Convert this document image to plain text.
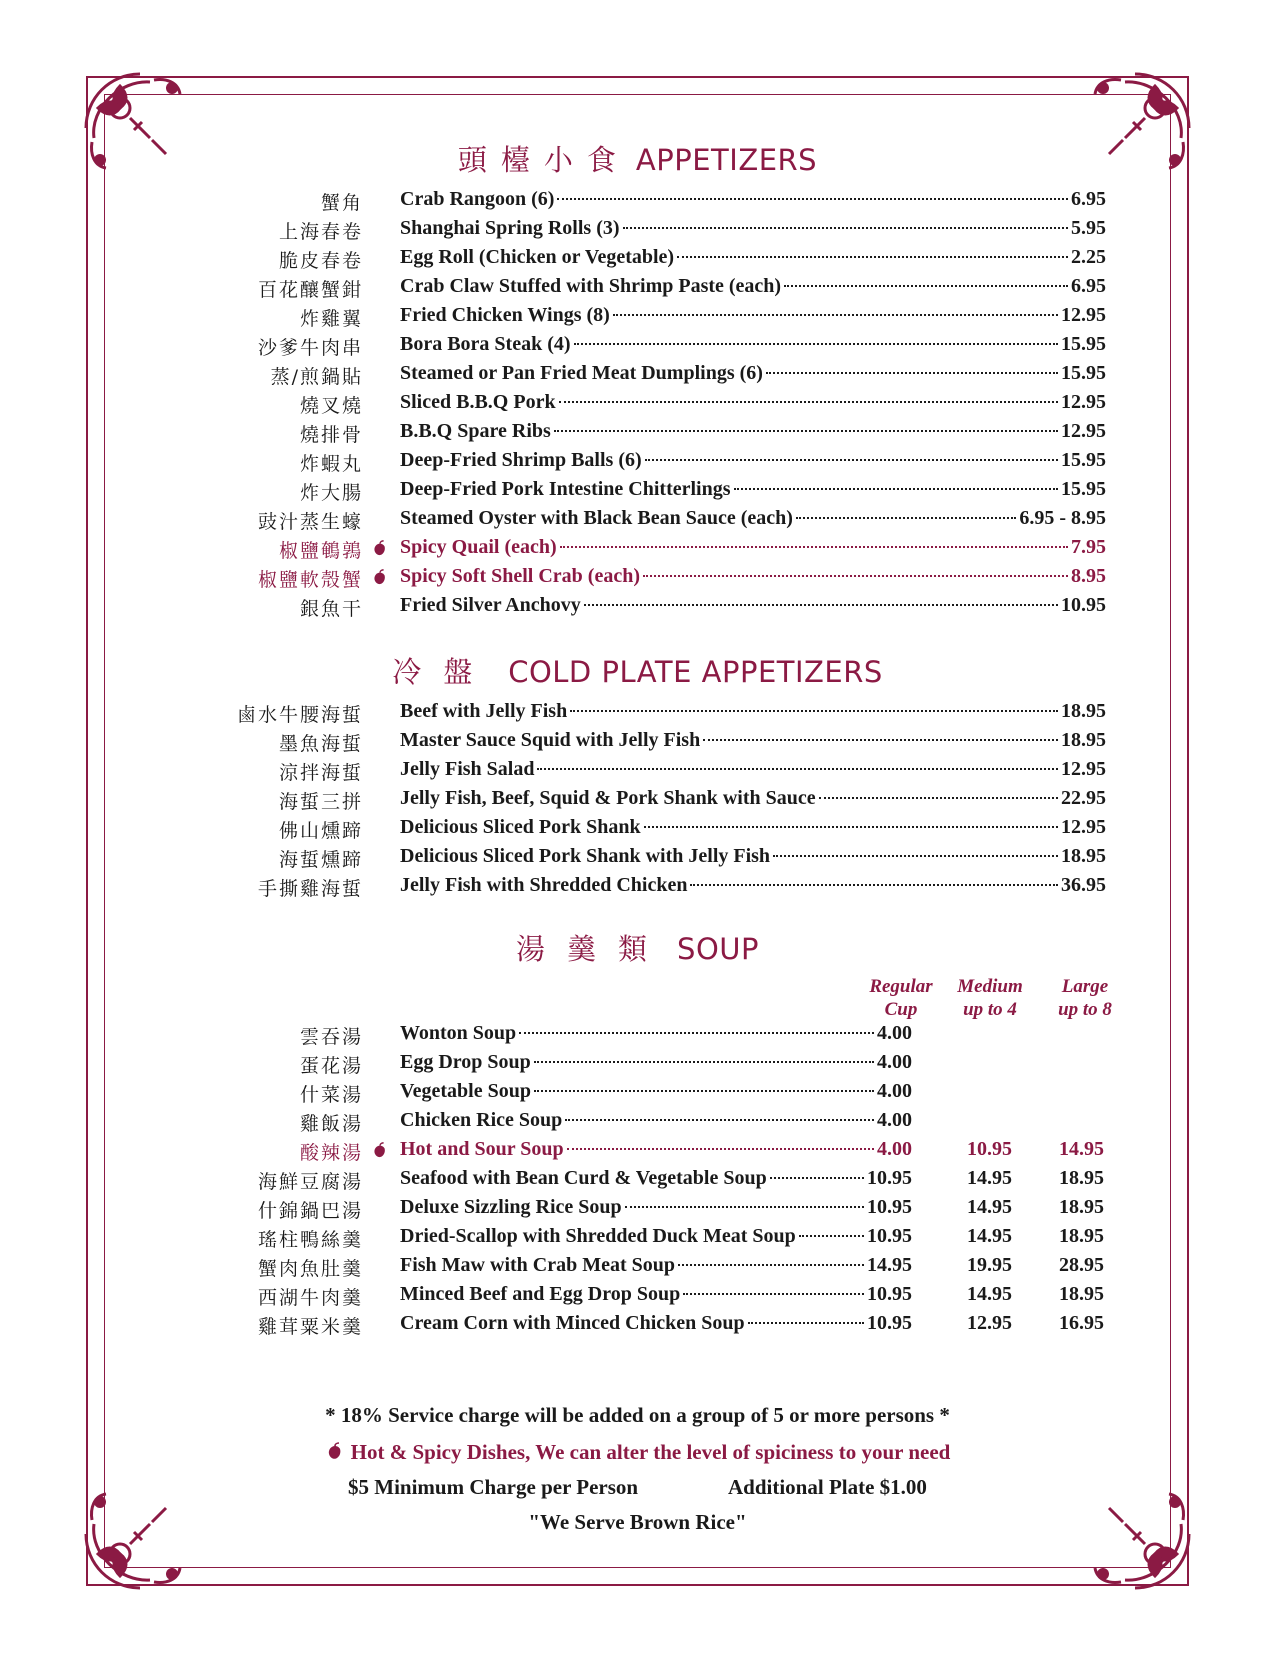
頭檯小食 APPETIZERS
蟹角 Crab Rangoon (6)	6.95
上海春卷 Shanghai Spring Rolls (3)	5.95
脆皮春卷 Egg Roll (Chicken or Vegetable)	2.25
百花釀蟹鉗 Crab Claw Stuffed with Shrimp Paste (each)	6.95
炸雞翼 Fried Chicken Wings (8)	12.95
沙爹牛肉串 Bora Bora Steak (4)	15.95
蒸/煎鍋貼 Steamed or Pan Fried Meat Dumplings (6)	15.95
燒叉燒 Sliced B.B.Q Pork	12.95
燒排骨 B.B.Q Spare Ribs	12.95
炸蝦丸 Deep-Fried Shrimp Balls (6)	15.95
炸大腸 Deep-Fried Pork Intestine Chitterlings	15.95
豉汁蒸生蠔 Steamed Oyster with Black Bean Sauce (each)	6.95 - 8.95
椒鹽鵪鶉 Spicy Quail (each)	7.95
椒鹽軟殼蟹 Spicy Soft Shell Crab (each)	8.95
銀魚干 Fried Silver Anchovy	10.95
冷盤 COLD PLATE APPETIZERS
鹵水牛腰海蜇 Beef with Jelly Fish	18.95
墨魚海蜇 Master Sauce Squid with Jelly Fish	18.95
涼拌海蜇 Jelly Fish Salad	12.95
海蜇三拼 Jelly Fish, Beef, Squid & Pork Shank with Sauce	22.95
佛山燻蹄 Delicious Sliced Pork Shank	12.95
海蜇燻蹄 Delicious Sliced Pork Shank with Jelly Fish	18.95
手撕雞海蜇 Jelly Fish with Shredded Chicken	36.95
湯羹類 SOUP
Regular
Cup
Medium
up to 4
Large
up to 8
雲吞湯 Wonton Soup	4.00
蛋花湯 Egg Drop Soup	4.00
什菜湯 Vegetable Soup	4.00
雞飯湯 Chicken Rice Soup	4.00
酸辣湯 Hot and Sour Soup	4.00	10.95	14.95
海鮮豆腐湯 Seafood with Bean Curd & Vegetable Soup	10.95	14.95	18.95
什錦鍋巴湯 Deluxe Sizzling Rice Soup	10.95	14.95	18.95
瑤柱鴨絲羹 Dried-Scallop with Shredded Duck Meat Soup	10.95	14.95	18.95
蟹肉魚肚羹 Fish Maw with Crab Meat Soup	14.95	19.95	28.95
西湖牛肉羹 Minced Beef and Egg Drop Soup	10.95	14.95	18.95
雞茸粟米羹 Cream Corn with Minced Chicken Soup	10.95	12.95	16.95
* 18% Service charge will be added on a group of 5 or more persons *
Hot & Spicy Dishes, We can alter the level of spiciness to your need
$5 Minimum Charge per Person	Additional Plate $1.00
"We Serve Brown Rice"
